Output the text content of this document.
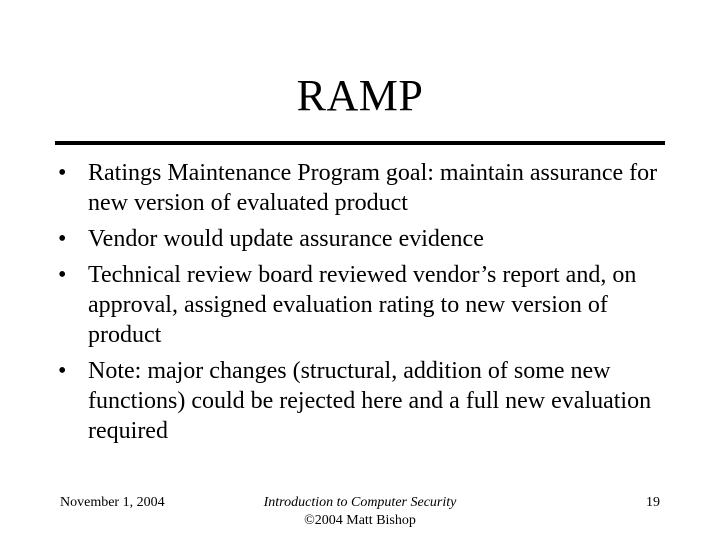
RAMP
• Ratings Maintenance Program goal: maintain assurance for new version of evaluated product
• Vendor would update assurance evidence
• Technical review board reviewed vendor’s report and, on approval, assigned evaluation rating to new version of product
• Note: major changes (structural, addition of some new functions) could be rejected here and a full new evaluation required
November 1, 2004	Introduction to Computer Security
©2004 Matt Bishop
19
